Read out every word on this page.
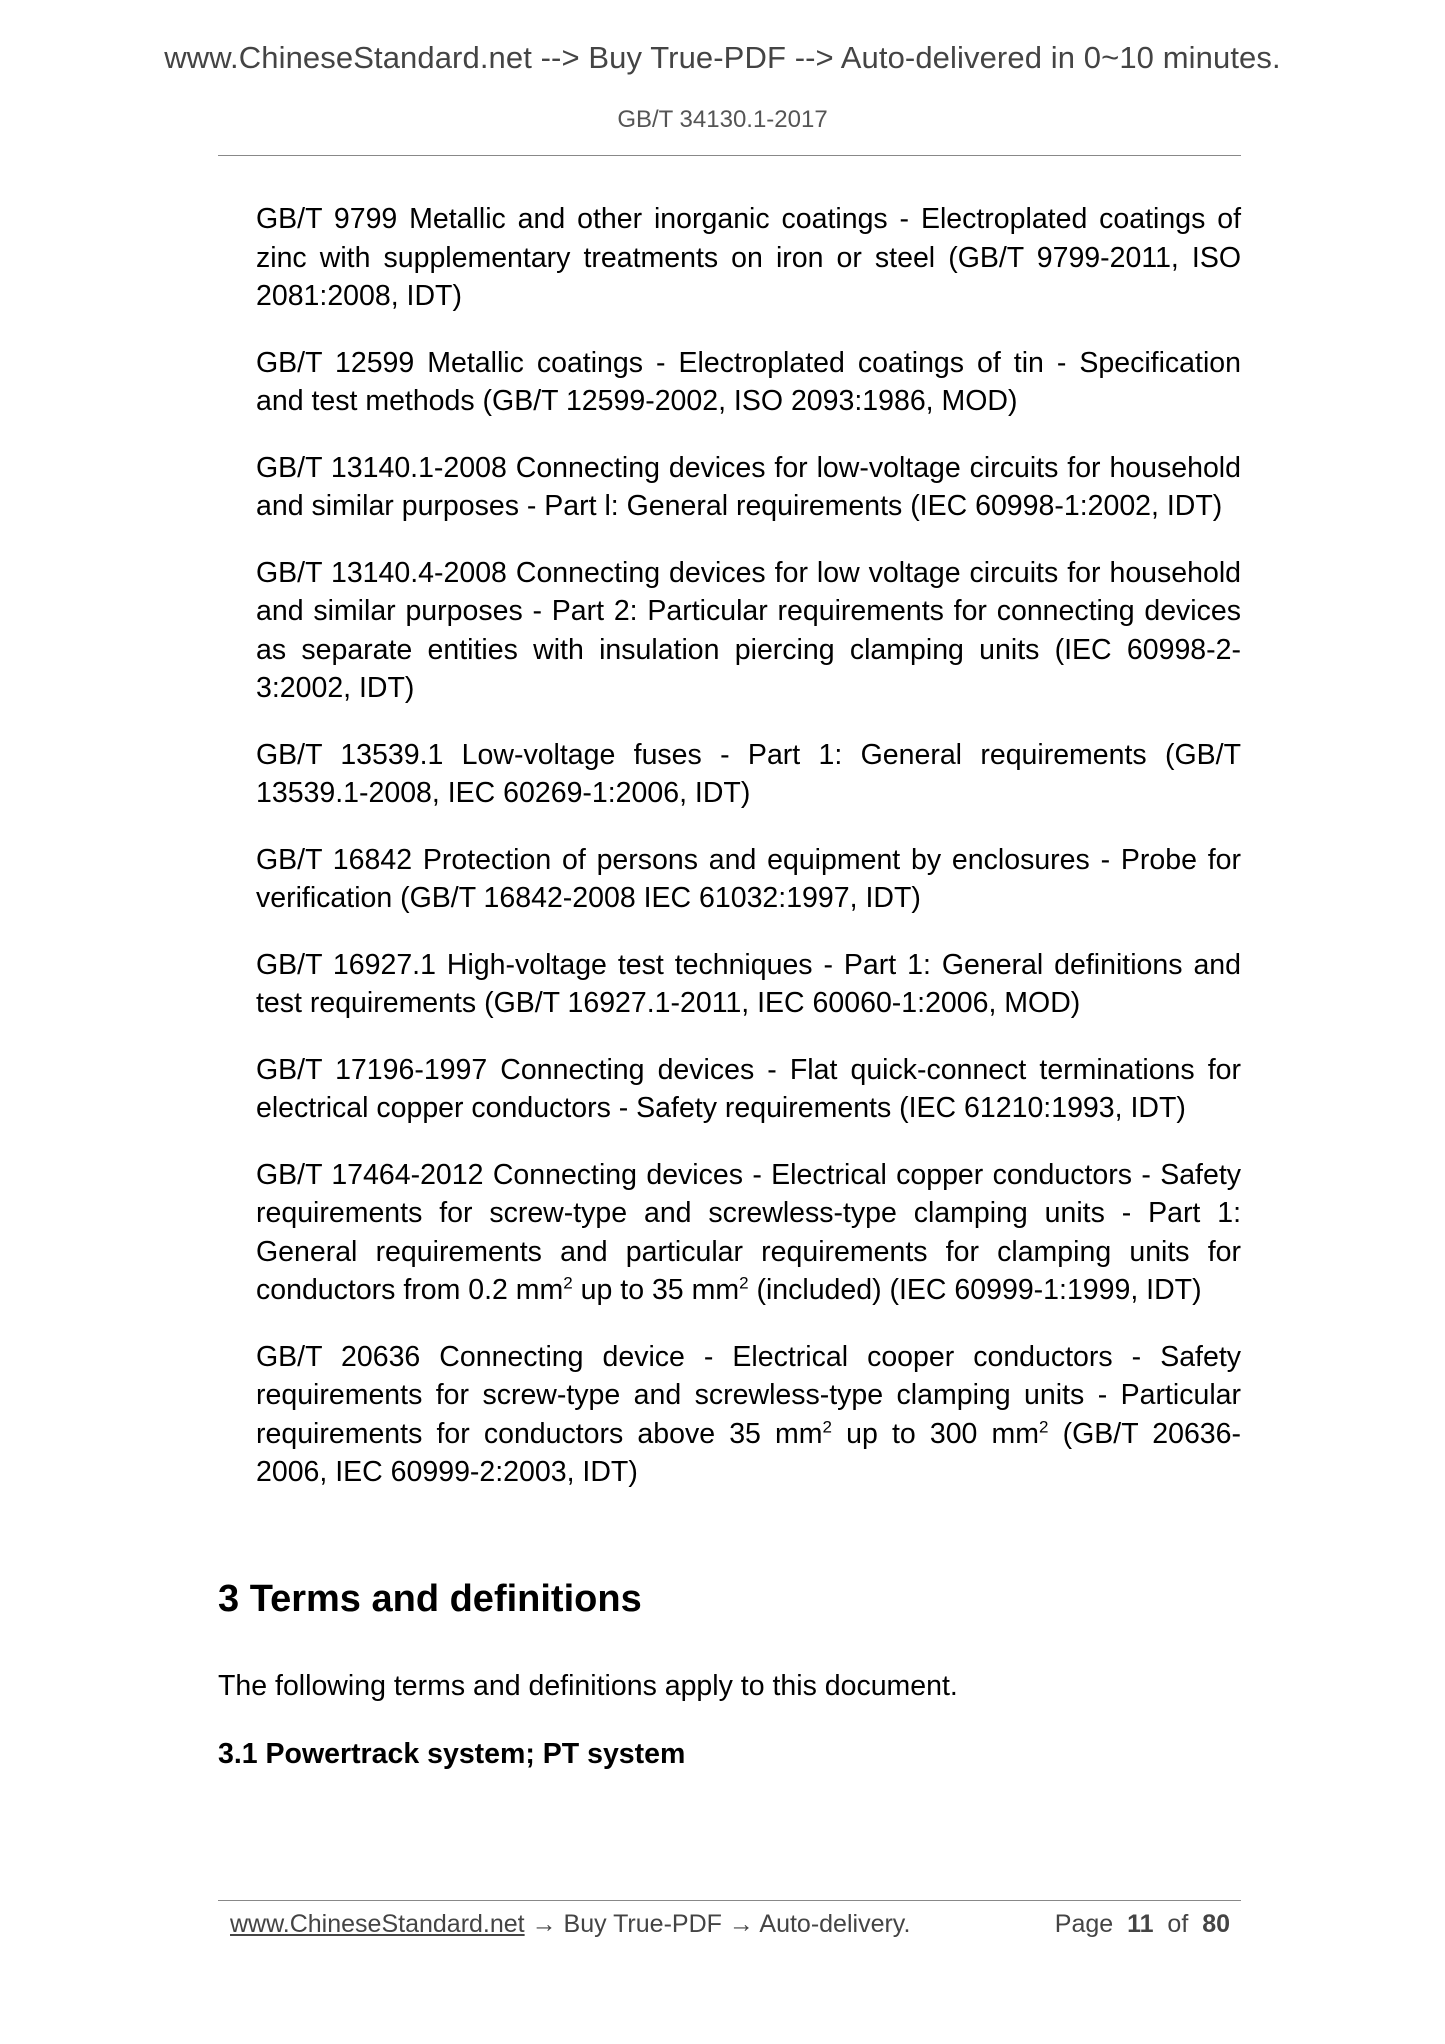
www.ChineseStandard.net --> Buy True-PDF --> Auto-delivered in 0~10 minutes.
GB/T 34130.1-2017

GB/T 9799 Metallic and other inorganic coatings - Electroplated coatings of zinc with supplementary treatments on iron or steel (GB/T 9799-2011, ISO 2081:2008, IDT)

GB/T 12599 Metallic coatings - Electroplated coatings of tin - Specification and test methods (GB/T 12599-2002, ISO 2093:1986, MOD)

GB/T 13140.1-2008 Connecting devices for low-voltage circuits for household and similar purposes - Part l: General requirements (IEC 60998-1:2002, IDT)

GB/T 13140.4-2008 Connecting devices for low voltage circuits for household and similar purposes - Part 2: Particular requirements for connecting devices as separate entities with insulation piercing clamping units (IEC 60998-2-3:2002, IDT)

GB/T 13539.1 Low-voltage fuses - Part 1: General requirements (GB/T 13539.1-2008, IEC 60269-1:2006, IDT)

GB/T 16842 Protection of persons and equipment by enclosures - Probe for verification (GB/T 16842-2008 IEC 61032:1997, IDT)

GB/T 16927.1 High-voltage test techniques - Part 1: General definitions and test requirements (GB/T 16927.1-2011, IEC 60060-1:2006, MOD)

GB/T 17196-1997 Connecting devices - Flat quick-connect terminations for electrical copper conductors - Safety requirements (IEC 61210:1993, IDT)

GB/T 17464-2012 Connecting devices - Electrical copper conductors - Safety requirements for screw-type and screwless-type clamping units - Part 1: General requirements and particular requirements for clamping units for conductors from 0.2 $mm^2$ up to 35 $mm^2$ (included) (IEC 60999-1:1999, IDT)

GB/T 20636 Connecting device - Electrical cooper conductors - Safety requirements for screw-type and screwless-type clamping units - Particular requirements for conductors above 35 $mm^2$ up to 300 $mm^2$ (GB/T 20636-2006, IEC 60999-2:2003, IDT)

3 Terms and definitions

The following terms and definitions apply to this document.

3.1 Powertrack system; PT system

www.ChineseStandard.net → Buy True-PDF → Auto-delivery.	Page 11 of 80
